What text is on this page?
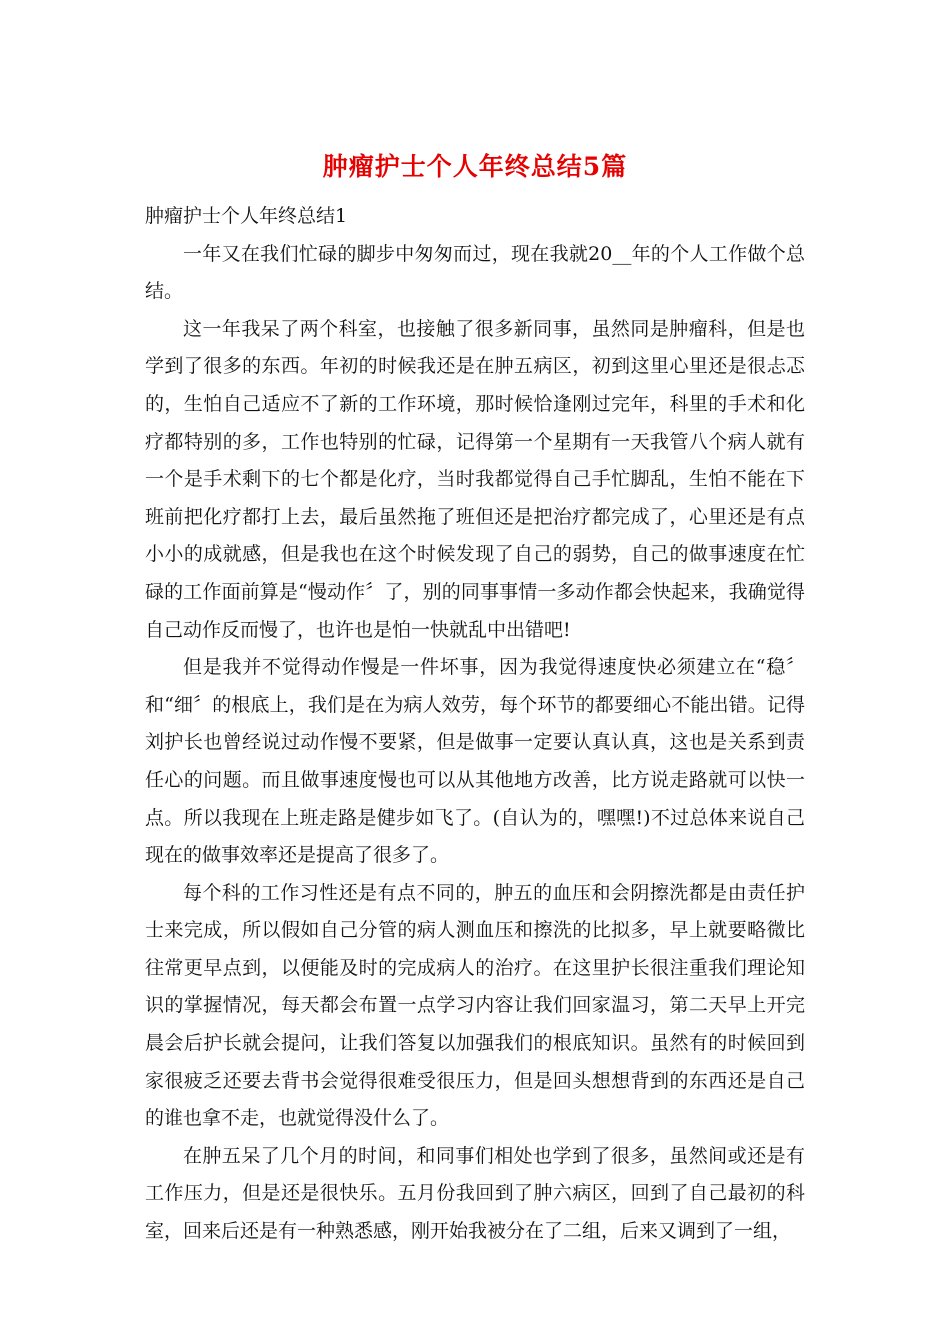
肿瘤护士个人年终总结5篇

肿瘤护士个人年终总结1

一年又在我们忙碌的脚步中匆匆而过，现在我就20__年的个人工作做个总结。

这一年我呆了两个科室，也接触了很多新同事，虽然同是肿瘤科，但是也学到了很多的东西。年初的时候我还是在肿五病区，初到这里心里还是很忐忑的，生怕自己适应不了新的工作环境，那时候恰逢刚过完年，科里的手术和化疗都特别的多，工作也特别的忙碌，记得第一个星期有一天我管八个病人就有一个是手术剩下的七个都是化疗，当时我都觉得自己手忙脚乱，生怕不能在下班前把化疗都打上去，最后虽然拖了班但还是把治疗都完成了，心里还是有点小小的成就感，但是我也在这个时候发现了自己的弱势，自己的做事速度在忙碌的工作面前算是“慢动作〞了，别的同事事情一多动作都会快起来，我确觉得自己动作反而慢了，也许也是怕一快就乱中出错吧!

但是我并不觉得动作慢是一件坏事，因为我觉得速度快必须建立在“稳〞和“细〞的根底上，我们是在为病人效劳，每个环节的都要细心不能出错。记得刘护长也曾经说过动作慢不要紧，但是做事一定要认真认真，这也是关系到责任心的问题。而且做事速度慢也可以从其他地方改善，比方说走路就可以快一点。所以我现在上班走路是健步如飞了。(自认为的，嘿嘿!)不过总体来说自己现在的做事效率还是提高了很多了。

每个科的工作习性还是有点不同的，肿五的血压和会阴擦洗都是由责任护士来完成，所以假如自己分管的病人测血压和擦洗的比拟多，早上就要略微比往常更早点到，以便能及时的完成病人的治疗。在这里护长很注重我们理论知识的掌握情况，每天都会布置一点学习内容让我们回家温习，第二天早上开完晨会后护长就会提问，让我们答复以加强我们的根底知识。虽然有的时候回到家很疲乏还要去背书会觉得很难受很压力，但是回头想想背到的东西还是自己的谁也拿不走，也就觉得没什么了。

在肿五呆了几个月的时间，和同事们相处也学到了很多，虽然间或还是有工作压力，但是还是很快乐。五月份我回到了肿六病区，回到了自己最初的科室，回来后还是有一种熟悉感，刚开始我被分在了二组，后来又调到了一组，
